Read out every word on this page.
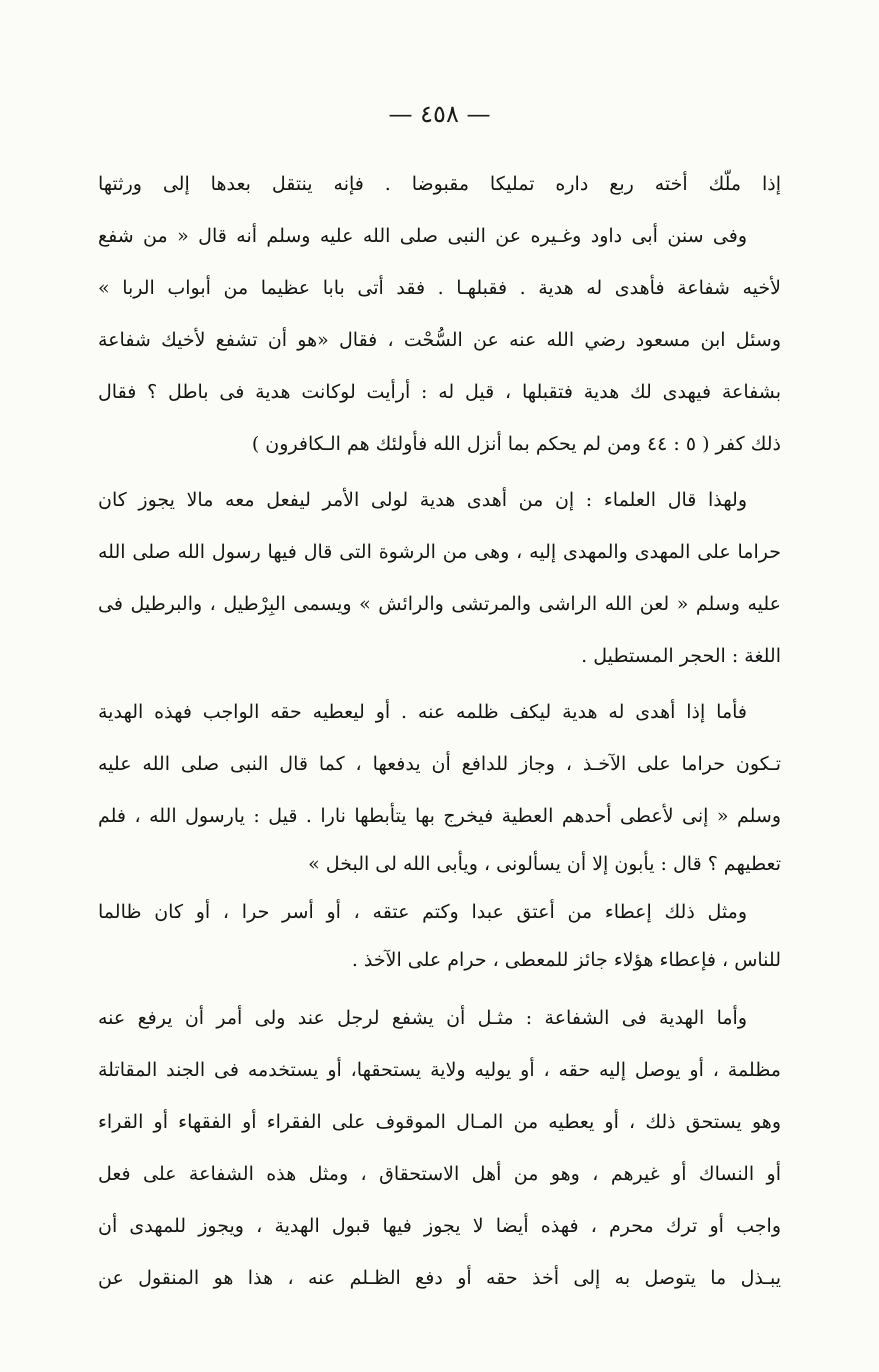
— ٤٥٨ —
إذا ملّك أخته ربع داره تمليكا مقبوضا . فإنه ينتقل بعدها إلى ورثتها
وفى سنن أبى داود وغـيره عن النبى صلى الله عليه وسلم أنه قال « من شفع
لأخيه شفاعة فأهدى له هدية . فقبلهـا . فقد أتى بابا عظيما من أبواب الربا »
وسئل ابن مسعود رضي الله عنه عن السُّحْت ، فقال «هو أن تشفع لأخيك شفاعة
بشفاعة فيهدى لك هدية فتقبلها ، قيل له : أرأيت لوكانت هدية فى باطل ؟ فقال
ذلك كفر ( ٥ : ٤٤ ومن لم يحكم بما أنزل الله فأولئك هم الـكافرون )
ولهذا قال العلماء : إن من أهدى هدية لولى الأمر ليفعل معه مالا يجوز كان
حراما على المهدى والمهدى إليه ، وهى من الرشوة التى قال فيها رسول الله صلى الله
عليه وسلم « لعن الله الراشى والمرتشى والرائش » ويسمى البِرْطيل ، والبرطيل فى
اللغة : الحجر المستطيل .
فأما إذا أهدى له هدية ليكف ظلمه عنه . أو ليعطيه حقه الواجب فهذه الهدية
تـكون حراما على الآخـذ ، وجاز للدافع أن يدفعها ، كما قال النبى صلى الله عليه
وسلم « إنى لأعطى أحدهم العطية فيخرج بها يتأبطها نارا . قيل : يارسول الله ، فلم
تعطيهم ؟ قال : يأبون إلا أن يسألونى ، ويأبى الله لى البخل »
ومثل ذلك إعطاء من أعتق عبدا وكتم عتقه ، أو أسر حرا ، أو كان ظالما
للناس ، فإعطاء هؤلاء جائز للمعطى ، حرام على الآخذ .
وأما الهدية فى الشفاعة : مثـل أن يشفع لرجل عند ولى أمر أن يرفع عنه
مظلمة ، أو يوصل إليه حقه ، أو يوليه ولاية يستحقها، أو يستخدمه فى الجند المقاتلة
وهو يستحق ذلك ، أو يعطيه من المـال الموقوف على الفقراء أو الفقهاء أو القراء
أو النساك أو غيرهم ، وهو من أهل الاستحقاق ، ومثل هذه الشفاعة على فعل
واجب أو ترك محرم ، فهذه أيضا لا يجوز فيها قبول الهدية ، ويجوز للمهدى أن
يبـذل ما يتوصل به إلى أخذ حقه أو دفع الظـلم عنه ، هذا هو المنقول عن
